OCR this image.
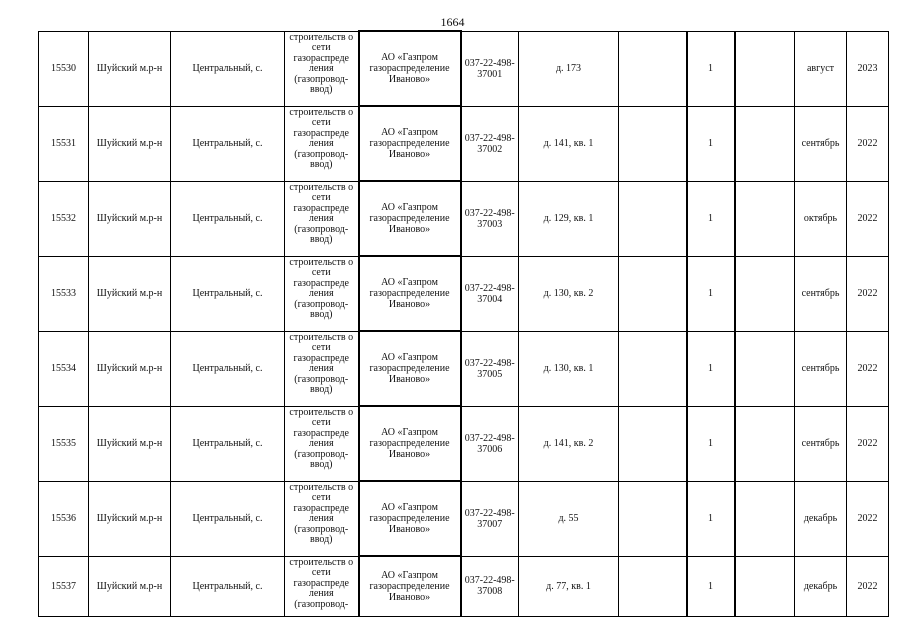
1664
15530	Шуйский м.р-н	Центральный, с.	строительств о сети газораспреде ления (газопровод- ввод)	АО «Газпром газораспределение Иваново»	037-22-498-37001	д. 173		1		август	2023

15531	Шуйский м.р-н	Центральный, с.	строительств о сети газораспреде ления (газопровод- ввод)	АО «Газпром газораспределение Иваново»	037-22-498-37002	д. 141, кв. 1		1		сентябрь	2022

15532	Шуйский м.р-н	Центральный, с.	строительств о сети газораспреде ления (газопровод- ввод)	АО «Газпром газораспределение Иваново»	037-22-498-37003	д. 129, кв. 1		1		октябрь	2022

15533	Шуйский м.р-н	Центральный, с.	строительств о сети газораспреде ления (газопровод- ввод)	АО «Газпром газораспределение Иваново»	037-22-498-37004	д. 130, кв. 2		1		сентябрь	2022

15534	Шуйский м.р-н	Центральный, с.	строительств о сети газораспреде ления (газопровод- ввод)	АО «Газпром газораспределение Иваново»	037-22-498-37005	д. 130, кв. 1		1		сентябрь	2022

15535	Шуйский м.р-н	Центральный, с.	строительств о сети газораспреде ления (газопровод- ввод)	АО «Газпром газораспределение Иваново»	037-22-498-37006	д. 141, кв. 2		1		сентябрь	2022

15536	Шуйский м.р-н	Центральный, с.	строительств о сети газораспреде ления (газопровод- ввод)	АО «Газпром газораспределение Иваново»	037-22-498-37007	д. 55		1		декабрь	2022

15537	Шуйский м.р-н	Центральный, с.	строительств о сети газораспреде ления (газопровод-	АО «Газпром газораспределение Иваново»	037-22-498-37008	д. 77, кв. 1		1		декабрь	2022
